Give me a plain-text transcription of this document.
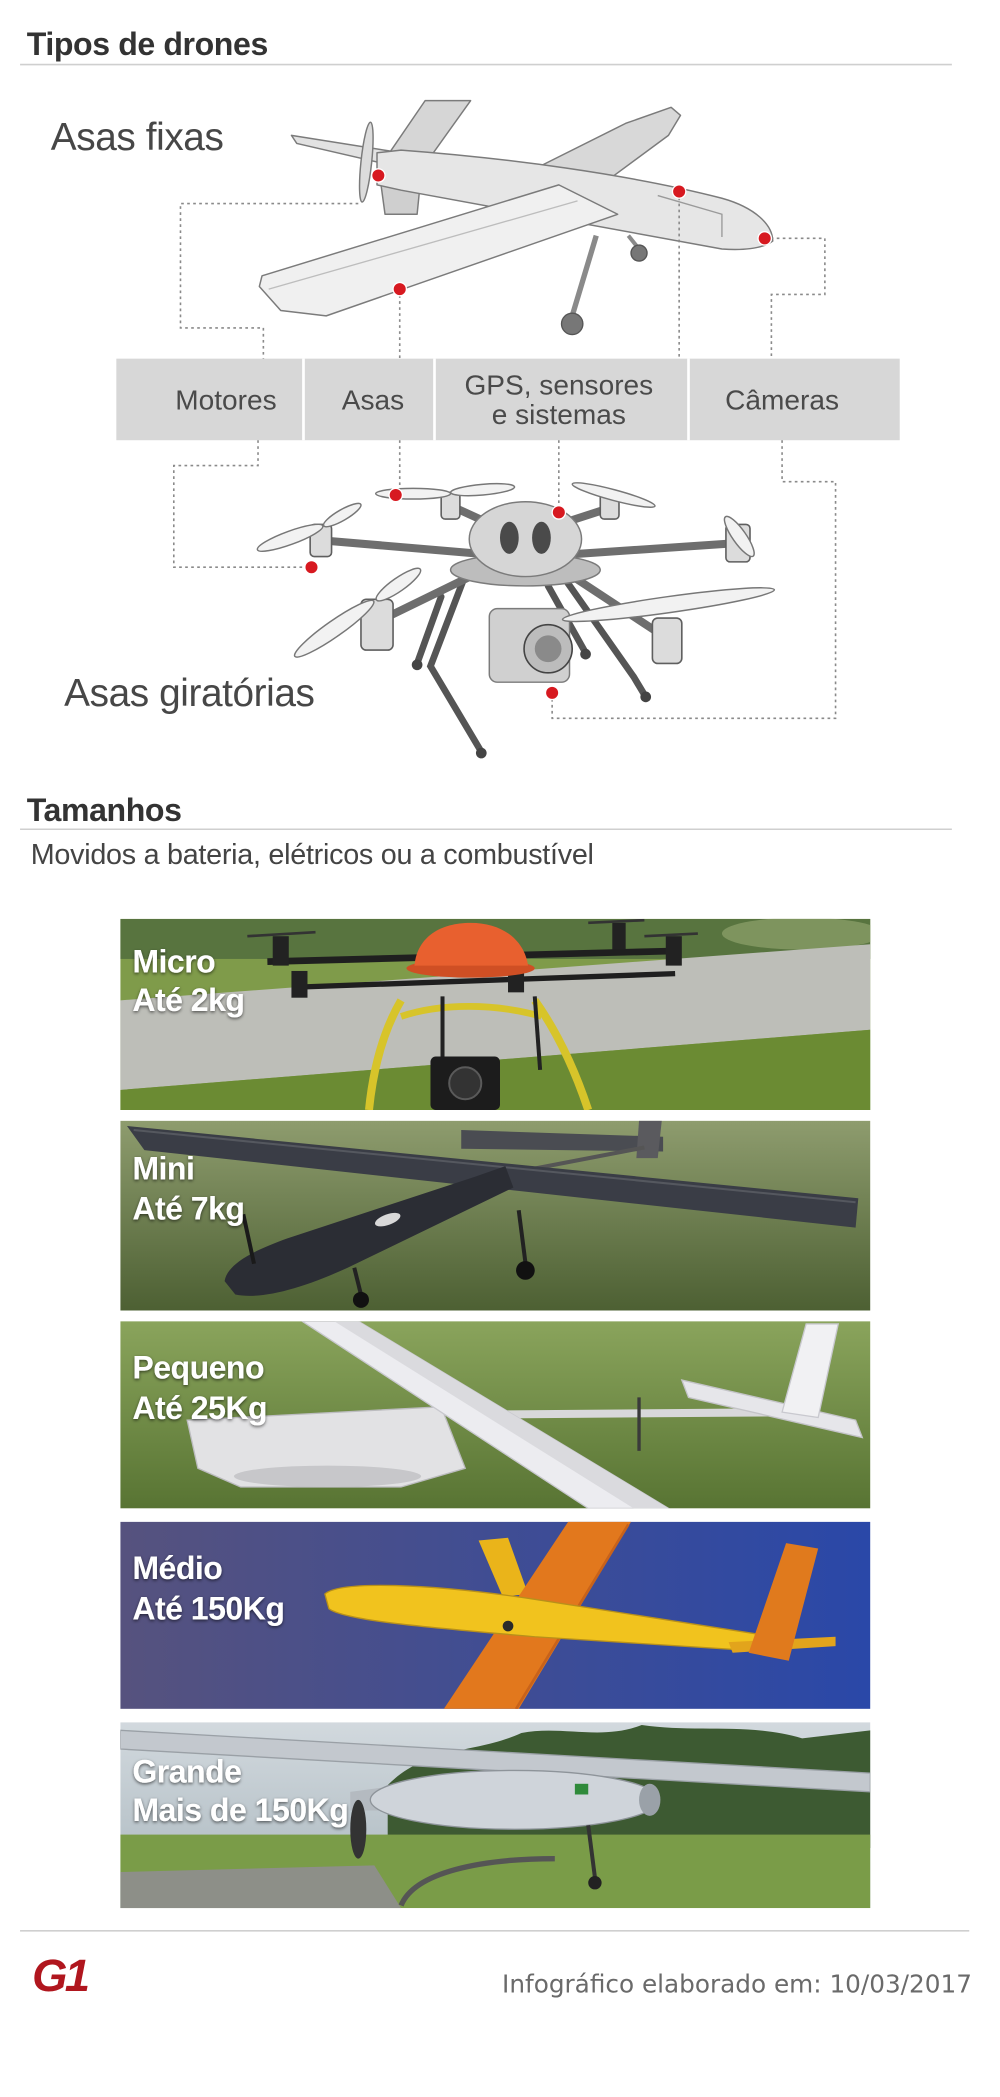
Tipos de drones
Asas fixas
Motores	Asas	GPS, sensores
e sistemas	Câmeras
Asas giratórias
Tamanhos
Movidos a bateria, elétricos ou a combustível
Micro
Até 2kg
Mini
Até 7kg
Pequeno
Até 25Kg
Médio
Até 150Kg
Grande
Mais de 150Kg
G1	Infográfico elaborado em: 10/03/2017
